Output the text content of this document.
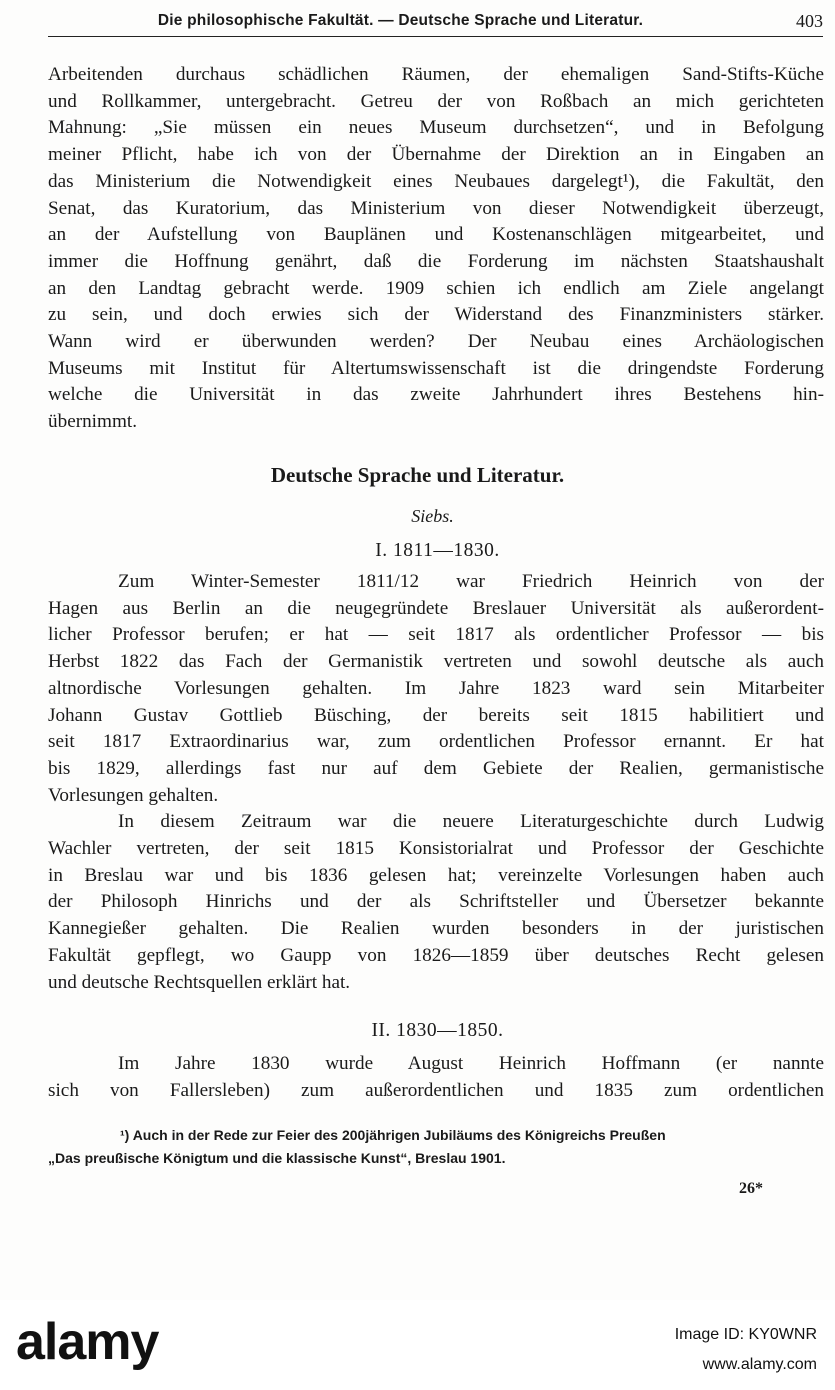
Die philosophische Fakultät. — Deutsche Sprache und Literatur.	403
Arbeitenden durchaus schädlichen Räumen, der ehemaligen Sand-Stifts-Küche
und Rollkammer, untergebracht. Getreu der von Roßbach an mich gerichteten
Mahnung: „Sie müssen ein neues Museum durchsetzen“, und in Befolgung
meiner Pflicht, habe ich von der Übernahme der Direktion an in Eingaben an
das Ministerium die Notwendigkeit eines Neubaues dargelegt¹), die Fakultät, den
Senat, das Kuratorium, das Ministerium von dieser Notwendigkeit überzeugt,
an der Aufstellung von Bauplänen und Kostenanschlägen mitgearbeitet, und
immer die Hoffnung genährt, daß die Forderung im nächsten Staatshaushalt
an den Landtag gebracht werde. 1909 schien ich endlich am Ziele angelangt
zu sein, und doch erwies sich der Widerstand des Finanzministers stärker.
Wann wird er überwunden werden? Der Neubau eines Archäologischen
Museums mit Institut für Altertumswissenschaft ist die dringendste Forderung
welche die Universität in das zweite Jahrhundert ihres Bestehens hin-
übernimmt.
Deutsche Sprache und Literatur.
Siebs.
I. 1811—1830.
Zum Winter-Semester 1811/12 war Friedrich Heinrich von der
Hagen aus Berlin an die neugegründete Breslauer Universität als außerordent-
licher Professor berufen; er hat — seit 1817 als ordentlicher Professor — bis
Herbst 1822 das Fach der Germanistik vertreten und sowohl deutsche als auch
altnordische Vorlesungen gehalten. Im Jahre 1823 ward sein Mitarbeiter
Johann Gustav Gottlieb Büsching, der bereits seit 1815 habilitiert und
seit 1817 Extraordinarius war, zum ordentlichen Professor ernannt. Er hat
bis 1829, allerdings fast nur auf dem Gebiete der Realien, germanistische
Vorlesungen gehalten.
In diesem Zeitraum war die neuere Literaturgeschichte durch Ludwig
Wachler vertreten, der seit 1815 Konsistorialrat und Professor der Geschichte
in Breslau war und bis 1836 gelesen hat; vereinzelte Vorlesungen haben auch
der Philosoph Hinrichs und der als Schriftsteller und Übersetzer bekannte
Kannegießer gehalten. Die Realien wurden besonders in der juristischen
Fakultät gepflegt, wo Gaupp von 1826—1859 über deutsches Recht gelesen
und deutsche Rechtsquellen erklärt hat.
II. 1830—1850.
Im Jahre 1830 wurde August Heinrich Hoffmann (er nannte
sich von Fallersleben) zum außerordentlichen und 1835 zum ordentlichen
¹) Auch in der Rede zur Feier des 200jährigen Jubiläums des Königreichs Preußen
„Das preußische Königtum und die klassische Kunst“, Breslau 1901.
26*
alamy	Image ID: KY0WNR
www.alamy.com
